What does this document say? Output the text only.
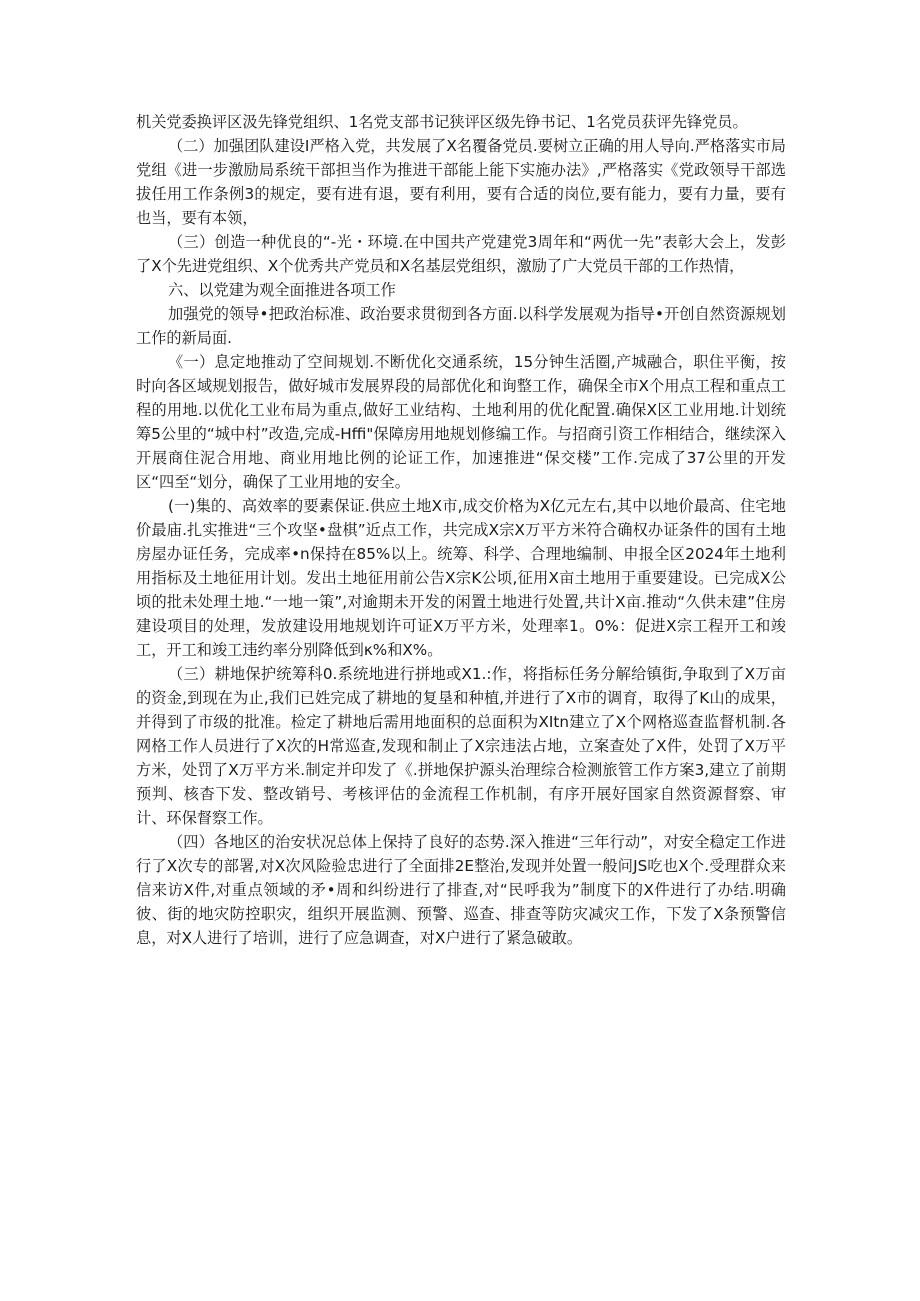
机关党委换评区汲先锋党组织、1名党支部书记狭评区级先铮书记、1名党员获评先锋党员。

（二）加强团队建设I严格入党，共发展了X名覆备党员.要树立正确的用人导向.严格落实市局党组《进一步激励局系统干部担当作为推进干部能上能下实施办法》,严格落实《党政领导干部选拔任用工作条例3的规定，要有进有退，要有利用，要有合适的岗位,要有能力，要有力量，要有也当，要有本领，

（三）创造一种优良的“-光・环境.在中国共产党建党3周年和“两优一先”表彰大会上，发彭了X个先进党组织、X个优秀共产党员和X名基层党组织，激励了广大党员干部的工作热情，

六、以党建为观全面推进各项工作

加强党的领导•把政治标准、政治要求贯彻到各方面.以科学发展观为指导•开创自然资源规划工作的新局面.

《一）息定地推动了空间规划.不断优化交通系统，15分钟生活圈,产城融合，职住平衡，按时向各区域规划报告，做好城市发展界段的局部优化和询整工作，确保全市X个用点工程和重点工程的用地.以优化工业布局为重点,做好工业结构、土地利用的优化配置.确保X区工业用地.计划统筹5公里的“城中村”改造,完成-Hffi"保障房用地规划修编工作。与招商引资工作相结合，继续深入开展商住泥合用地、商业用地比例的论证工作，加速推进“保交楼”工作.完成了37公里的开发区“四至“划分，确保了工业用地的安全。

(一)集的、高效率的要素保证.供应土地X市,成交价格为X亿元左右,其中以地价最高、住宅地价最庙.扎实推进“三个攻坚•盘棋”近点工作，共完成X宗X万平方米符合确权办证条件的国有土地房屋办证任务，完成率•n保持在85%以上。统筹、科学、合理地编制、申报全区2024年土地利用指标及土地征用计划。发出土地征用前公告X宗K公顷,征用X亩土地用于重要建设。已完成X公顷的批未处理土地.“一地一策”,对逾期未开发的闲置土地进行处置,共计X亩.推动“久供未建”住房建设项目的处理，发放建设用地规划许可证X万平方米，处理率1。0%：促进X宗工程开工和竣工，开工和竣工违约率分别降低到κ%和X%。

（三）耕地保护统筹科0.系统地进行拼地或X1.:作，将指标任务分解给镇街,争取到了X万亩的资金,到现在为止,我们已姓完成了耕地的复垦和种植,并进行了X市的调育，取得了K山的成果，并得到了市级的批准。检定了耕地后需用地面积的总面积为XItn建立了X个网格巡查监督机制.各网格工作人员进行了X次的H常巡查,发现和制止了X宗违法占地，立案查处了X件，处罚了X万平方米，处罚了X万平方米.制定并印发了《.拼地保护源头治理综合检测旅管工作方案3,建立了前期预判、核杳下发、整改销号、考核评估的金流程工作机制，有序开展好国家自然资源督察、审计、环保督察工作。

（四）各地区的治安状况总体上保持了良好的态势.深入推进“三年行动”，对安全稳定工作进行了X次专的部署,对X次风险验忠进行了全面排2E整治,发现并处置一般问JS吃也X个.受理群众来信来访X件,对重点领域的矛•周和纠纷进行了排查,对“民呼我为”制度下的X件进行了办结.明确彼、街的地灾防控职灾，组织开展监测、预警、巡查、排查等防灾减灾工作，下发了X条预警信息，对X人进行了培训，进行了应急调查，对X户进行了紧急破敢。
